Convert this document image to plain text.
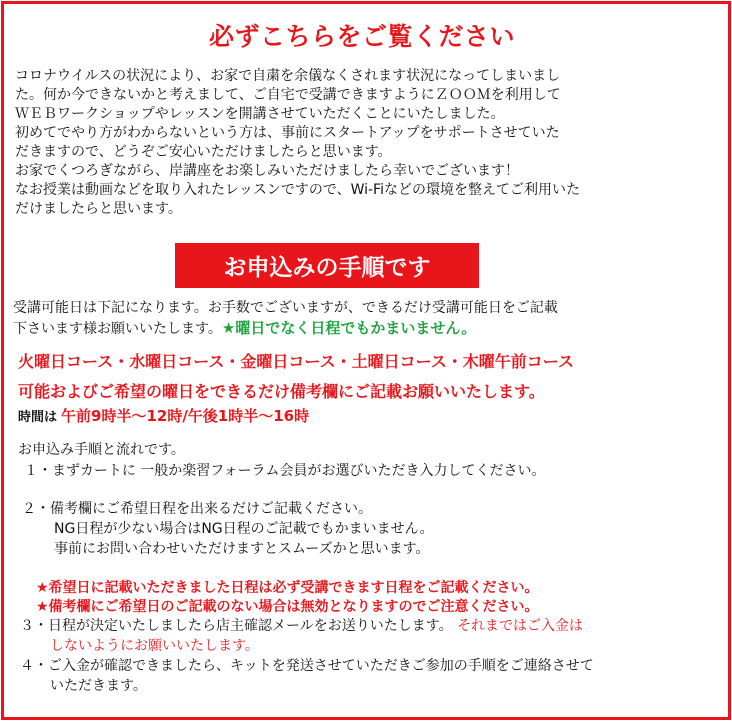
必ずこちらをご覧ください
コロナウイルスの状況により、お家で自粛を余儀なくされます状況になってしまいまし
た。何か今できないかと考えまして、ご自宅で受講できますようにＺＯＯＭを利用して
ＷＥＢワークショップやレッスンを開講させていただくことにいたしました。
初めてでやり方がわからないという方は、事前にスタートアップをサポートさせていた
だきますので、どうぞご安心いただけましたらと思います。
お家でくつろぎながら、岸講座をお楽しみいただけましたら幸いでございます！
なお授業は動画などを取り入れたレッスンですので、Wi-Fiなどの環境を整えてご利用いた
だけましたらと思います。
お申込みの手順です
受講可能日は下記になります。お手数でございますが、できるだけ受講可能日をご記載
下さいます様お願いいたします。★曜日でなく日程でもかまいません。
火曜日コース・水曜日コース・金曜日コース・土曜日コース・木曜午前コース
可能およびご希望の曜日をできるだけ備考欄にご記載お願いいたします。
時間は 午前9時半～12時/午後1時半～16時
お申込み手順と流れです。
１・まずカートに 一般か楽習フォーラム会員がお選びいただき入力してください。
２・備考欄にご希望日程を出来るだけご記載ください。
NG日程が少ない場合はNG日程のご記載でもかまいません。
事前にお問い合わせいただけますとスムーズかと思います。
★希望日に記載いただきました日程は必ず受講できます日程をご記載ください。
★備考欄にご希望日のご記載のない場合は無効となりますのでご注意ください。
３・日程が決定いたしましたら店主確認メールをお送りいたします。 それまではご入金は
しないようにお願いいたします。
４・ご入金が確認できましたら、キットを発送させていただきご参加の手順をご連絡させて
いただきます。
